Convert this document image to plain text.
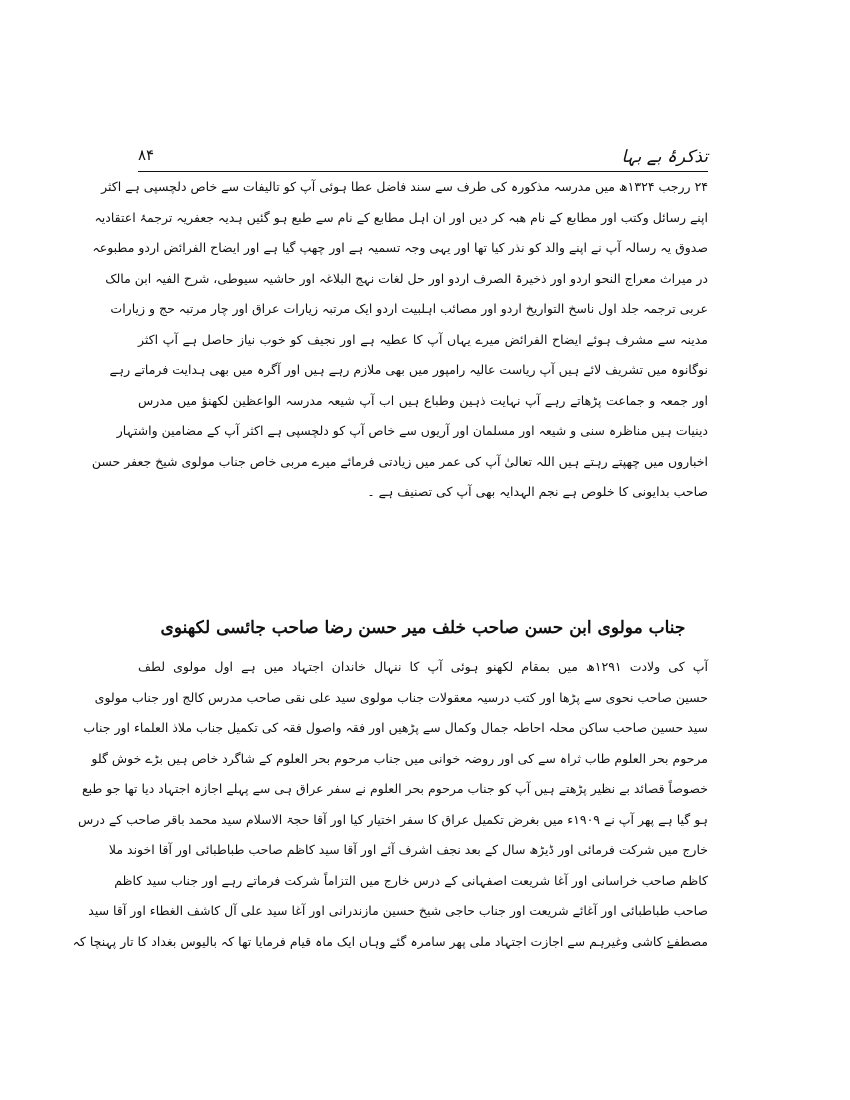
تذکرۂ بے بہا
۸۴
۲۴ ررجب ۱۳۲۴ھ میں مدرسہ مذکورہ کی طرف سے سند فاضل عطا ہوئی آپ کو تالیفات سے خاص دلچسپی ہے اکثر
اپنے رسائل وکتب اور مطابع کے نام ھبہ کر دیں اور ان اہل مطابع کے نام سے طبع ہو گئیں ہدیہ جعفریہ ترجمۂ اعتقادیہ
صدوق یہ رسالہ آپ نے اپنے والد کو نذر کیا تھا اور یہی وجہ تسمیہ ہے اور چھپ گیا ہے اور ایضاح الفرائض اردو مطبوعہ
در میراث معراج النحو اردو اور ذخیرۃ الصرف اردو اور حل لغات نہج البلاغہ اور حاشیہ سیوطی، شرح الفیہ ابن مالک
عربی ترجمہ جلد اول ناسخ التواریخ اردو اور مصائب اہلبیت اردو ایک مرتبہ زیارات عراق اور چار مرتبہ حج و زیارات
مدینہ سے مشرف ہوئے ایضاح الفرائض میرے یہاں آپ کا عطیہ ہے اور نجیف کو خوب نیاز حاصل ہے آپ اکثر
نوگانوہ میں تشریف لائے ہیں آپ ریاست عالیہ رامپور میں بھی ملازم رہے ہیں اور آگرہ میں بھی ہدایت فرماتے رہے
اور جمعہ و جماعت پڑھاتے رہے آپ نہایت ذہین وطباع ہیں اب آپ شیعہ مدرسہ الواعظین لکھنؤ میں مدرس
دینیات ہیں مناظرہ سنی و شیعہ اور مسلمان اور آریوں سے خاص آپ کو دلچسپی ہے اکثر آپ کے مضامین واشتہار
اخباروں میں چھپتے رہتے ہیں اللہ تعالیٰ آپ کی عمر میں زیادتی فرمائے میرے مربی خاص جناب مولوی شیخ جعفر حسن
صاحب بدایونی کا خلوص ہے نجم الہدایہ بھی آپ کی تصنیف ہے ۔
جناب مولوی ابن حسن صاحب خلف میر حسن رضا صاحب جائسی لکھنوی
آپ کی ولادت ۱۲۹۱ھ میں بمقام لکھنو ہوئی آپ کا ننہال خاندان اجتہاد میں ہے اول مولوی لطف
حسین صاحب نحوی سے پڑھا اور کتب درسیہ معقولات جناب مولوی سید علی نقی صاحب مدرس کالج اور جناب مولوی
سید حسین صاحب ساکن محلہ احاطہ جمال وکمال سے پڑھیں اور فقہ واصول فقہ کی تکمیل جناب ملاذ العلماء اور جناب
مرحوم بحر العلوم طاب ثراہ سے کی اور روضہ خوانی میں جناب مرحوم بحر العلوم کے شاگرد خاص ہیں بڑے خوش گلو
خصوصاً قصائد بے نظیر پڑھتے ہیں آپ کو جناب مرحوم بحر العلوم نے سفر عراق ہی سے پہلے اجازہ اجتہاد دیا تھا جو طبع
ہو گیا ہے پھر آپ نے ۱۹۰۹ء میں بغرض تکمیل عراق کا سفر اختیار کیا اور آقا حجۃ الاسلام سید محمد باقر صاحب کے درس
خارج میں شرکت فرمائی اور ڈیڑھ سال کے بعد نجف اشرف آئے اور آقا سید کاظم صاحب طباطبائی اور آقا اخوند ملا
کاظم صاحب خراسانی اور آغا شریعت اصفہانی کے درس خارج میں التزاماً شرکت فرماتے رہے اور جناب سید کاظم
صاحب طباطبائی اور آغائے شریعت اور جناب حاجی شیخ حسین مازندرانی اور آغا سید علی آل کاشف الغطاء اور آقا سید
مصطفےٰ کاشی وغیرہم سے اجازت اجتہاد ملی پھر سامرہ گئے وہاں ایک ماہ قیام فرمایا تھا کہ بالیوس بغداد کا تار پہنچا کہ
